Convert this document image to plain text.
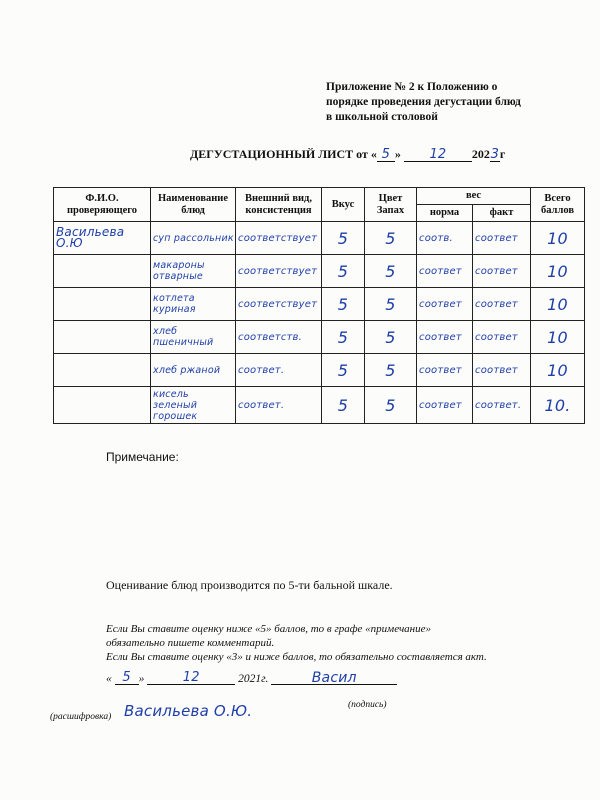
Приложение № 2 к Положению о
порядке проведения дегустации блюд
в школьной столовой
ДЕГУСТАЦИОННЫЙ ЛИСТ от « 5 » 12 2023г
Ф.И.О. проверяющего	Наименование блюд	Внешний вид, консистенция	Вкус	Цвет Запах	вес		Всего баллов
					норма	факт	

Васильева О.Ю	суп рассольник	соответствует	5	5	соотв.	соответ	10

	макароны отварные	соответствует	5	5	соответ	соответ	10

	котлета куриная	соответствует	5	5	соответ	соответ	10

	хлеб пшеничный	соответств.	5	5	соответ	соответ	10

	хлеб ржаной	соответ.	5	5	соответ	соответ	10

	кисель зеленый горошек	соответ.	5	5	соответ	соответ.	10.
Примечание:
Оценивание блюд производится по 5-ти бальной шкале.
Если Вы ставите оценку ниже «5» баллов, то в графе «примечание»
обязательно пишете комментарий.
Если Вы ставите оценку «3» и ниже баллов, то обязательно составляется акт.
« 5 »	12	2021г.	Васил
(подпись)
(расшифровка) Васильева О.Ю.
